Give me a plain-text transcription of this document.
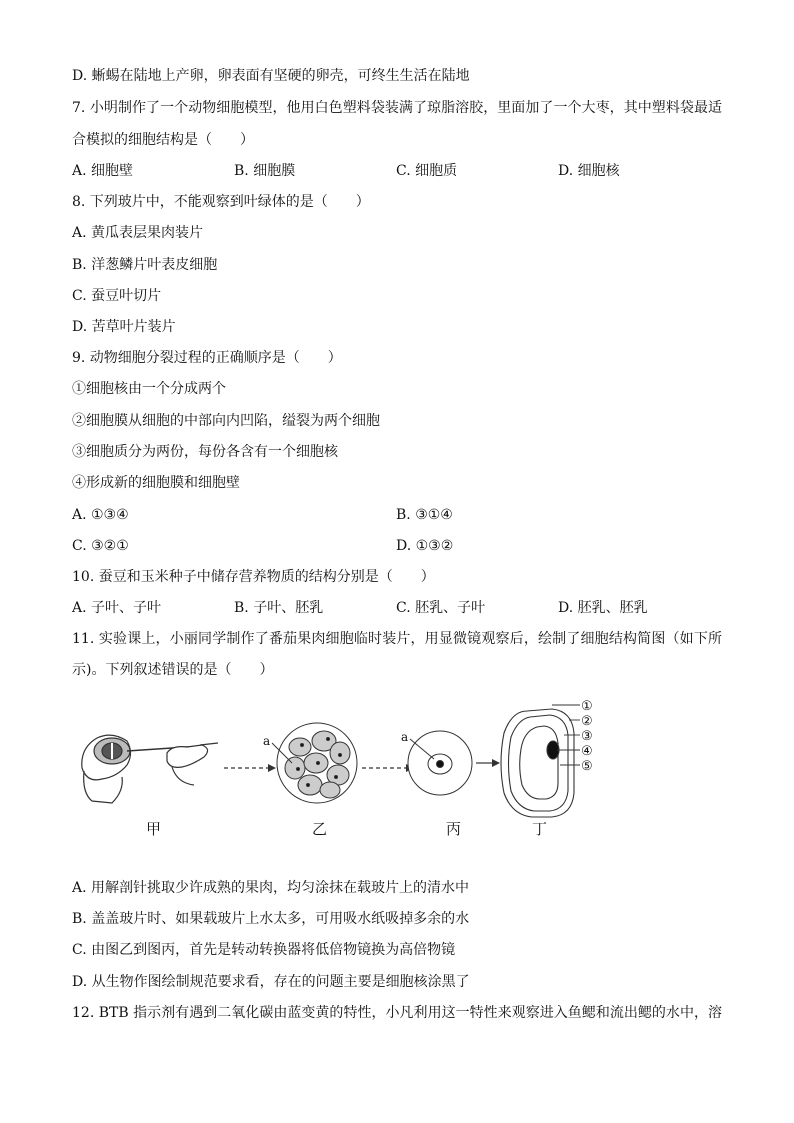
D. 蜥蜴在陆地上产卵，卵表面有坚硬的卵壳，可终生生活在陆地
7. 小明制作了一个动物细胞模型，他用白色塑料袋装满了琼脂溶胶，里面加了一个大枣，其中塑料袋最适
合模拟的细胞结构是（　　）
A. 细胞壁	B. 细胞膜	C. 细胞质	D. 细胞核
8. 下列玻片中，不能观察到叶绿体的是（　　）
A. 黄瓜表层果肉装片
B. 洋葱鳞片叶表皮细胞
C. 蚕豆叶切片
D. 苦草叶片装片
9. 动物细胞分裂过程的正确顺序是（　　）
①细胞核由一个分成两个
②细胞膜从细胞的中部向内凹陷，缢裂为两个细胞
③细胞质分为两份，每份各含有一个细胞核
④形成新的细胞膜和细胞壁
A. ①③④	B. ③①④
C. ③②①	D. ①③②
10. 蚕豆和玉米种子中储存营养物质的结构分别是（　　）
A. 子叶、子叶	B. 子叶、胚乳	C. 胚乳、子叶	D. 胚乳、胚乳
11. 实验课上，小丽同学制作了番茄果肉细胞临时装片，用显微镜观察后，绘制了细胞结构简图（如下所
示)。下列叙述错误的是（　　）
a	a
①
②
③
④
⑤
甲	乙	丙	丁
A. 用解剖针挑取少许成熟的果肉，均匀涂抹在载玻片上的清水中
B. 盖盖玻片时、如果载玻片上水太多，可用吸水纸吸掉多余的水
C. 由图乙到图丙，首先是转动转换器将低倍物镜换为高倍物镜
D. 从生物作图绘制规范要求看，存在的问题主要是细胞核涂黑了
12. BTB 指示剂有遇到二氧化碳由蓝变黄的特性，小凡利用这一特性来观察进入鱼鳃和流出鳃的水中，溶
